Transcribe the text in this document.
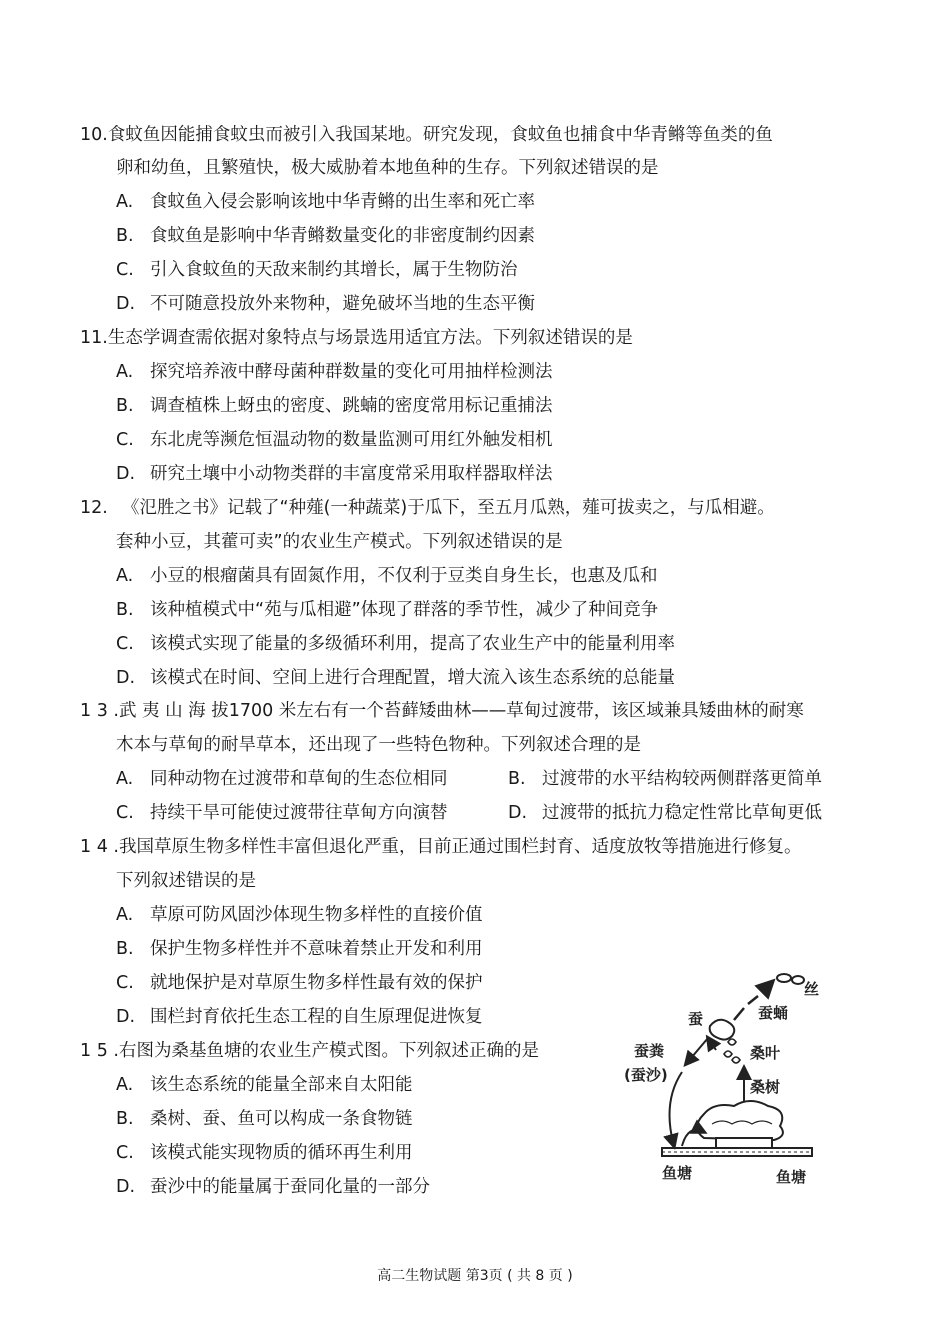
10.食蚊鱼因能捕食蚊虫而被引入我国某地。研究发现，食蚊鱼也捕食中华青鳉等鱼类的鱼
卵和幼鱼，且繁殖快，极大威胁着本地鱼种的生存。下列叙述错误的是
A. 食蚊鱼入侵会影响该地中华青鳉的出生率和死亡率
B. 食蚊鱼是影响中华青鳉数量变化的非密度制约因素
C. 引入食蚊鱼的天敌来制约其增长，属于生物防治
D. 不可随意投放外来物种，避免破坏当地的生态平衡
11.生态学调查需依据对象特点与场景选用适宜方法。下列叙述错误的是
A. 探究培养液中酵母菌种群数量的变化可用抽样检测法
B. 调查植株上蚜虫的密度、跳蝻的密度常用标记重捕法
C. 东北虎等濒危恒温动物的数量监测可用红外触发相机
D. 研究土壤中小动物类群的丰富度常采用取样器取样法
12. 《氾胜之书》记载了“种薤(一种蔬菜)于瓜下，至五月瓜熟，薤可拔卖之，与瓜相避。
套种小豆，其藿可卖”的农业生产模式。下列叙述错误的是
A. 小豆的根瘤菌具有固氮作用，不仅利于豆类自身生长，也惠及瓜和
B. 该种植模式中“苑与瓜相避”体现了群落的季节性，减少了种间竞争
C. 该模式实现了能量的多级循环利用，提高了农业生产中的能量利用率
D. 该模式在时间、空间上进行合理配置，增大流入该生态系统的总能量
1 3 .武 夷 山 海 拔1700 米左右有一个苔藓矮曲林——草甸过渡带，该区域兼具矮曲林的耐寒
木本与草甸的耐旱草本，还出现了一些特色物种。下列叙述合理的是
A. 同种动物在过渡带和草甸的生态位相同	B. 过渡带的水平结构较两侧群落更简单
C. 持续干旱可能使过渡带往草甸方向演替	D. 过渡带的抵抗力稳定性常比草甸更低
1 4 .我国草原生物多样性丰富但退化严重，目前正通过围栏封育、适度放牧等措施进行修复。
下列叙述错误的是
A. 草原可防风固沙体现生物多样性的直接价值
B. 保护生物多样性并不意味着禁止开发和利用
C. 就地保护是对草原生物多样性最有效的保护
D. 围栏封育依托生态工程的自生原理促进恢复
1 5 .右图为桑基鱼塘的农业生产模式图。下列叙述正确的是
A. 该生态系统的能量全部来自太阳能
B. 桑树、蚕、鱼可以构成一条食物链
C. 该模式能实现物质的循环再生利用
D. 蚕沙中的能量属于蚕同化量的一部分
丝
蚕蛹
蚕
桑叶
蚕粪
(蚕沙)
桑树
鱼塘	鱼塘
高二生物试题 第3页 ( 共 8 页 )
